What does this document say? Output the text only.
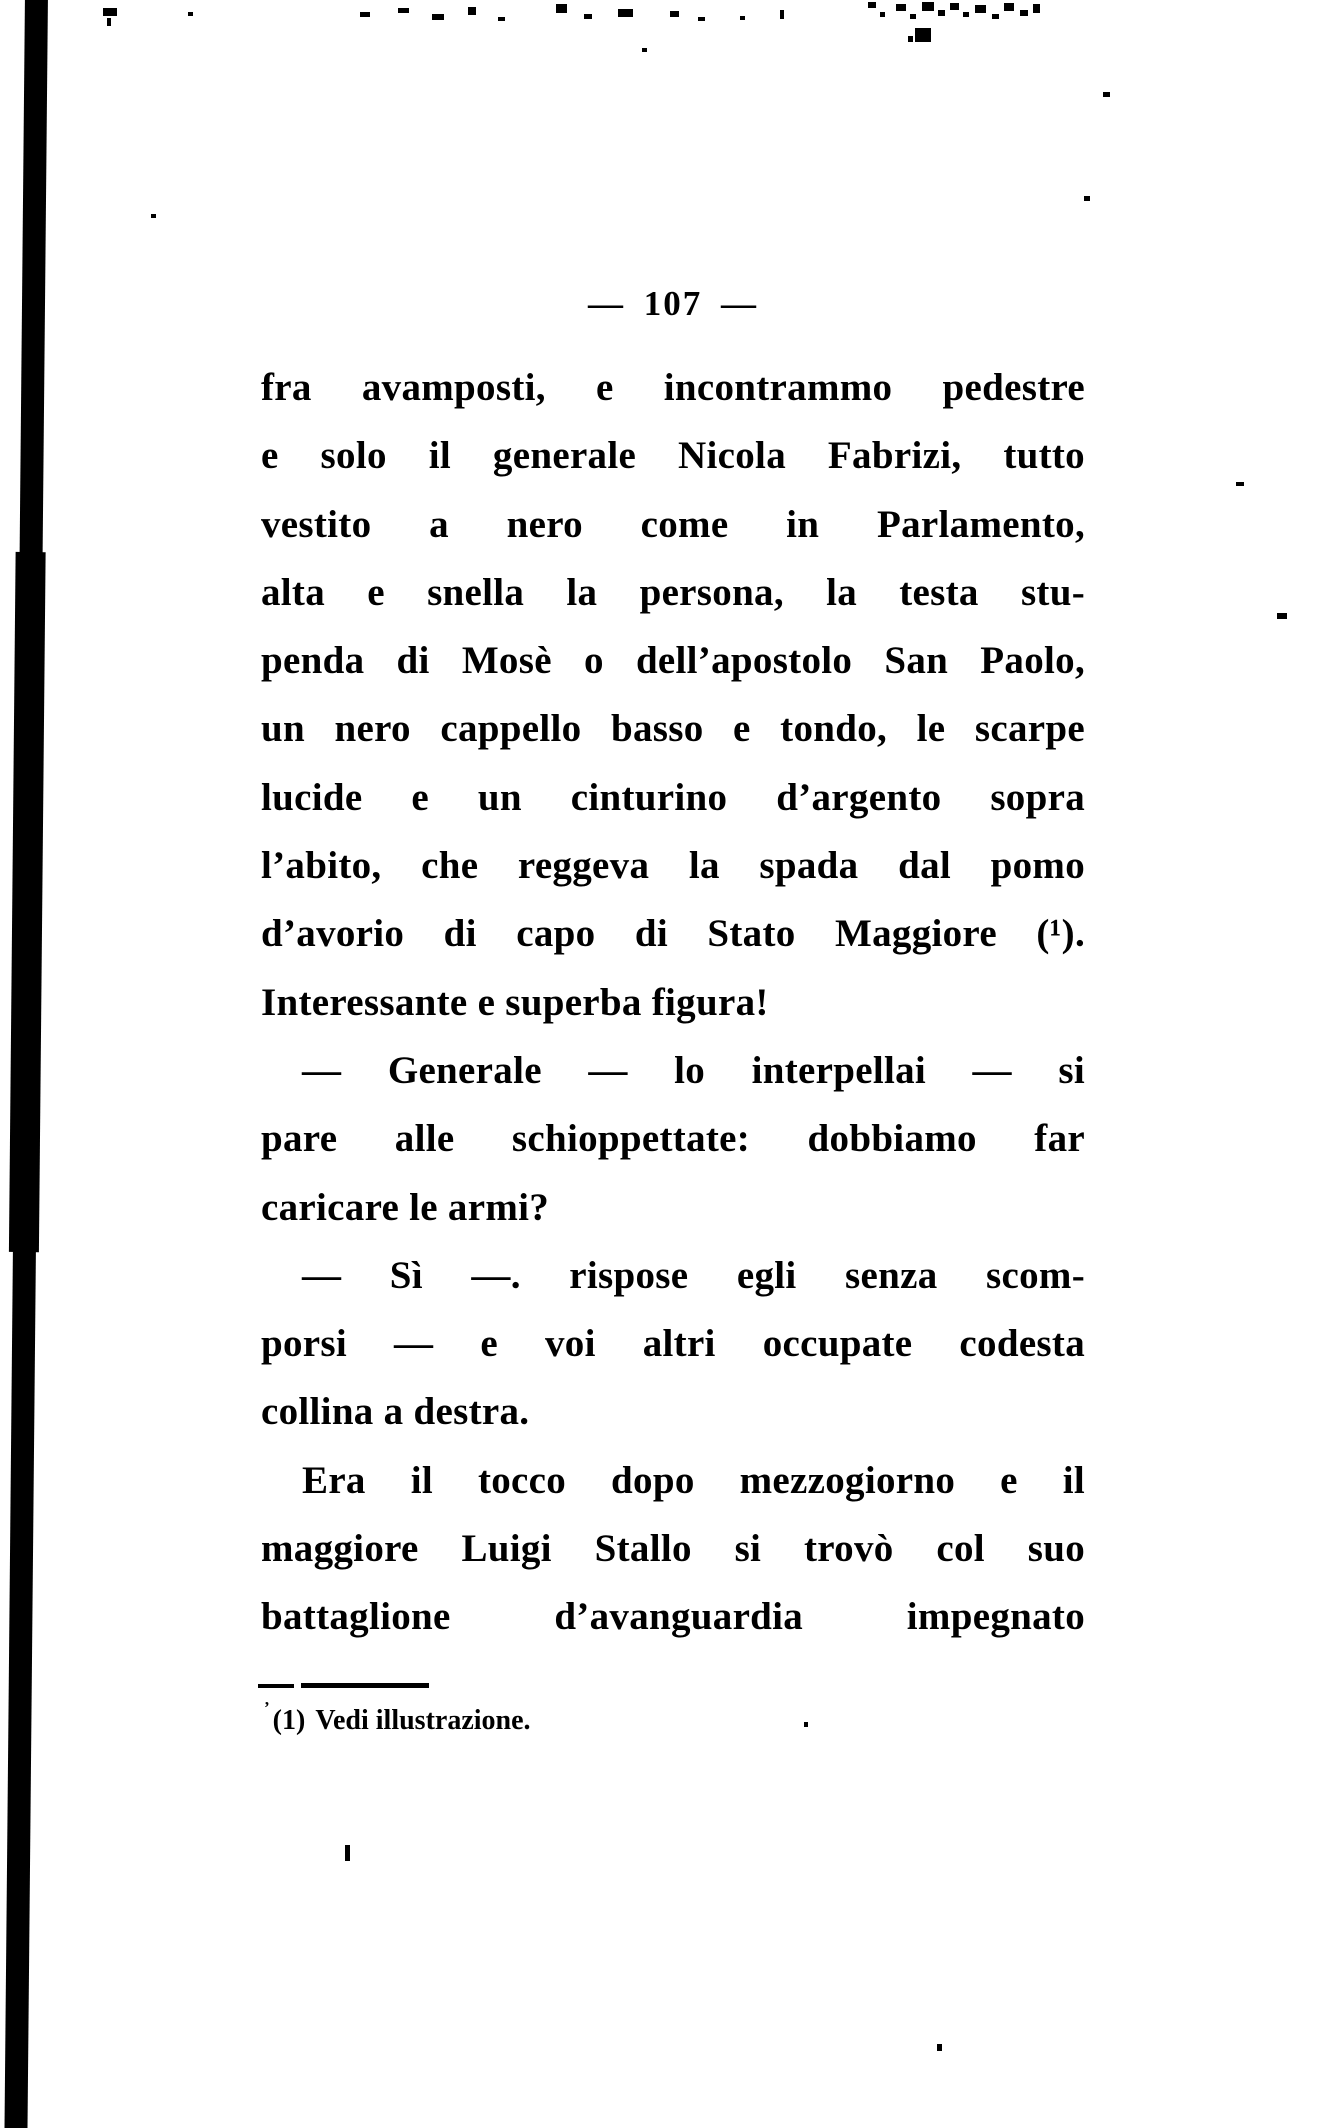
— 107 —
fra avamposti, e incontrammo pedestre
e solo il generale Nicola Fabrizi, tutto
vestito a nero come in Parlamento,
alta e snella la persona, la testa stu-
penda di Mosè o dell’apostolo San Paolo,
un nero cappello basso e tondo, le scarpe
lucide e un cinturino d’argento sopra
l’abito, che reggeva la spada dal pomo
d’avorio di capo di Stato Maggiore (¹).
Interessante e superba figura!
— Generale — lo interpellai — si
pare alle schioppettate: dobbiamo far
caricare le armi?
— Sì —. rispose egli senza scom-
porsi — e voi altri occupate codesta
collina a destra.
Era il tocco dopo mezzogiorno e il
maggiore Luigi Stallo si trovò col suo
battaglione d’avanguardia impegnato
’ (1) Vedi illustrazione.
